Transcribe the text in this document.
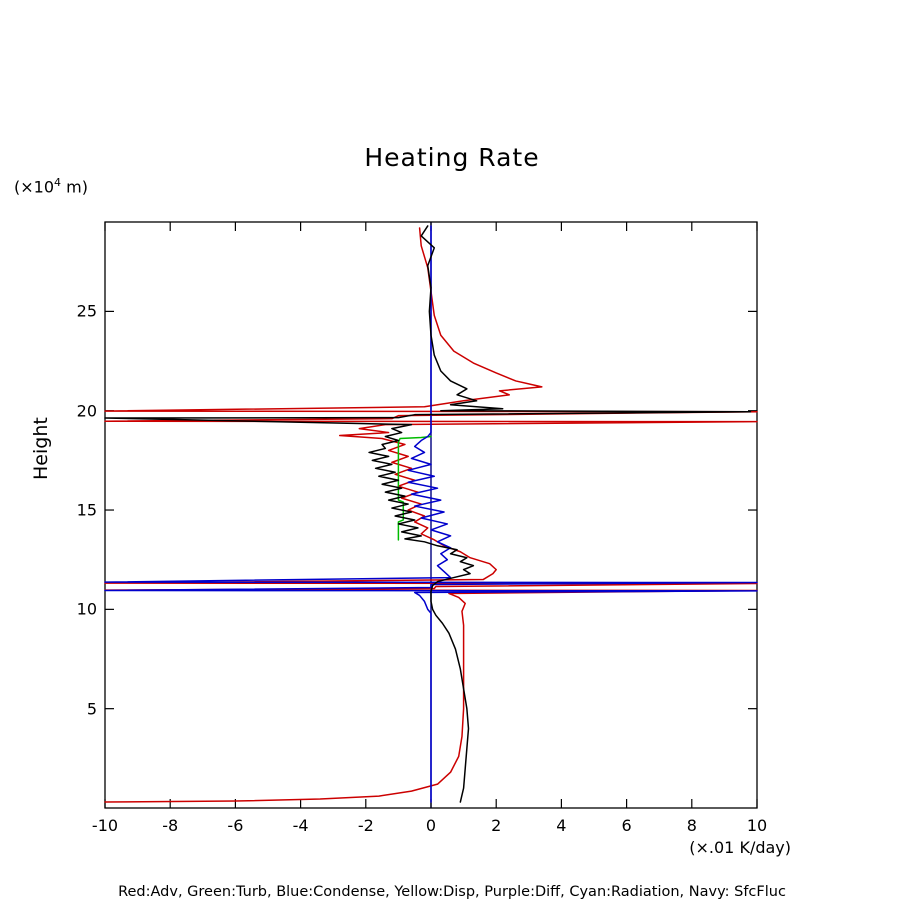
($\times 10^4$ m)
Heating Rate
Height
(×.01 K/day)
Red:Adv, Green:Turb, Blue:Condense, Yellow:Disp, Purple:Diff, Cyan:Radiation, Navy: SfcFluc
-10	-8	-6	-4	-2	0	2	4	6	8	10
5
10
15
20
25
